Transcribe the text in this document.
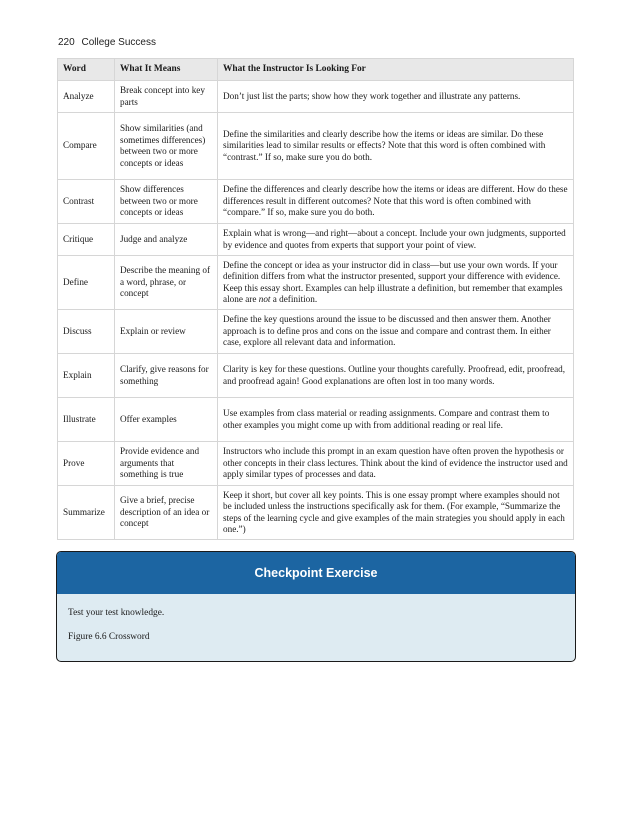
220 College Success
Word	What It Means	What the Instructor Is Looking For
Analyze	Break concept into key parts	Don’t just list the parts; show how they work together and illustrate any patterns.
Compare	Show similarities (and sometimes differences) between two or more concepts or ideas	Define the similarities and clearly describe how the items or ideas are similar. Do these similarities lead to similar results or effects? Note that this word is often combined with “contrast.” If so, make sure you do both.
Contrast	Show differences between two or more concepts or ideas	Define the differences and clearly describe how the items or ideas are different. How do these differences result in different outcomes? Note that this word is often combined with “compare.” If so, make sure you do both.
Critique	Judge and analyze	Explain what is wrong—and right—about a concept. Include your own judgments, supported by evidence and quotes from experts that support your point of view.
Define	Describe the meaning of a word, phrase, or concept	Define the concept or idea as your instructor did in class—but use your own words. If your definition differs from what the instructor presented, support your difference with evidence. Keep this essay short. Examples can help illustrate a definition, but remember that examples alone are not a definition.
Discuss	Explain or review	Define the key questions around the issue to be discussed and then answer them. Another approach is to define pros and cons on the issue and compare and contrast them. In either case, explore all relevant data and information.
Explain	Clarify, give reasons for something	Clarity is key for these questions. Outline your thoughts carefully. Proofread, edit, proofread, and proofread again! Good explanations are often lost in too many words.
Illustrate	Offer examples	Use examples from class material or reading assignments. Compare and contrast them to other examples you might come up with from additional reading or real life.
Prove	Provide evidence and arguments that something is true	Instructors who include this prompt in an exam question have often proven the hypothesis or other concepts in their class lectures. Think about the kind of evidence the instructor used and apply similar types of processes and data.
Summarize	Give a brief, precise description of an idea or concept	Keep it short, but cover all key points. This is one essay prompt where examples should not be included unless the instructions specifically ask for them. (For example, “Summarize the steps of the learning cycle and give examples of the main strategies you should apply in each one.”)
Checkpoint Exercise

Test your test knowledge.

Figure 6.6 Crossword
